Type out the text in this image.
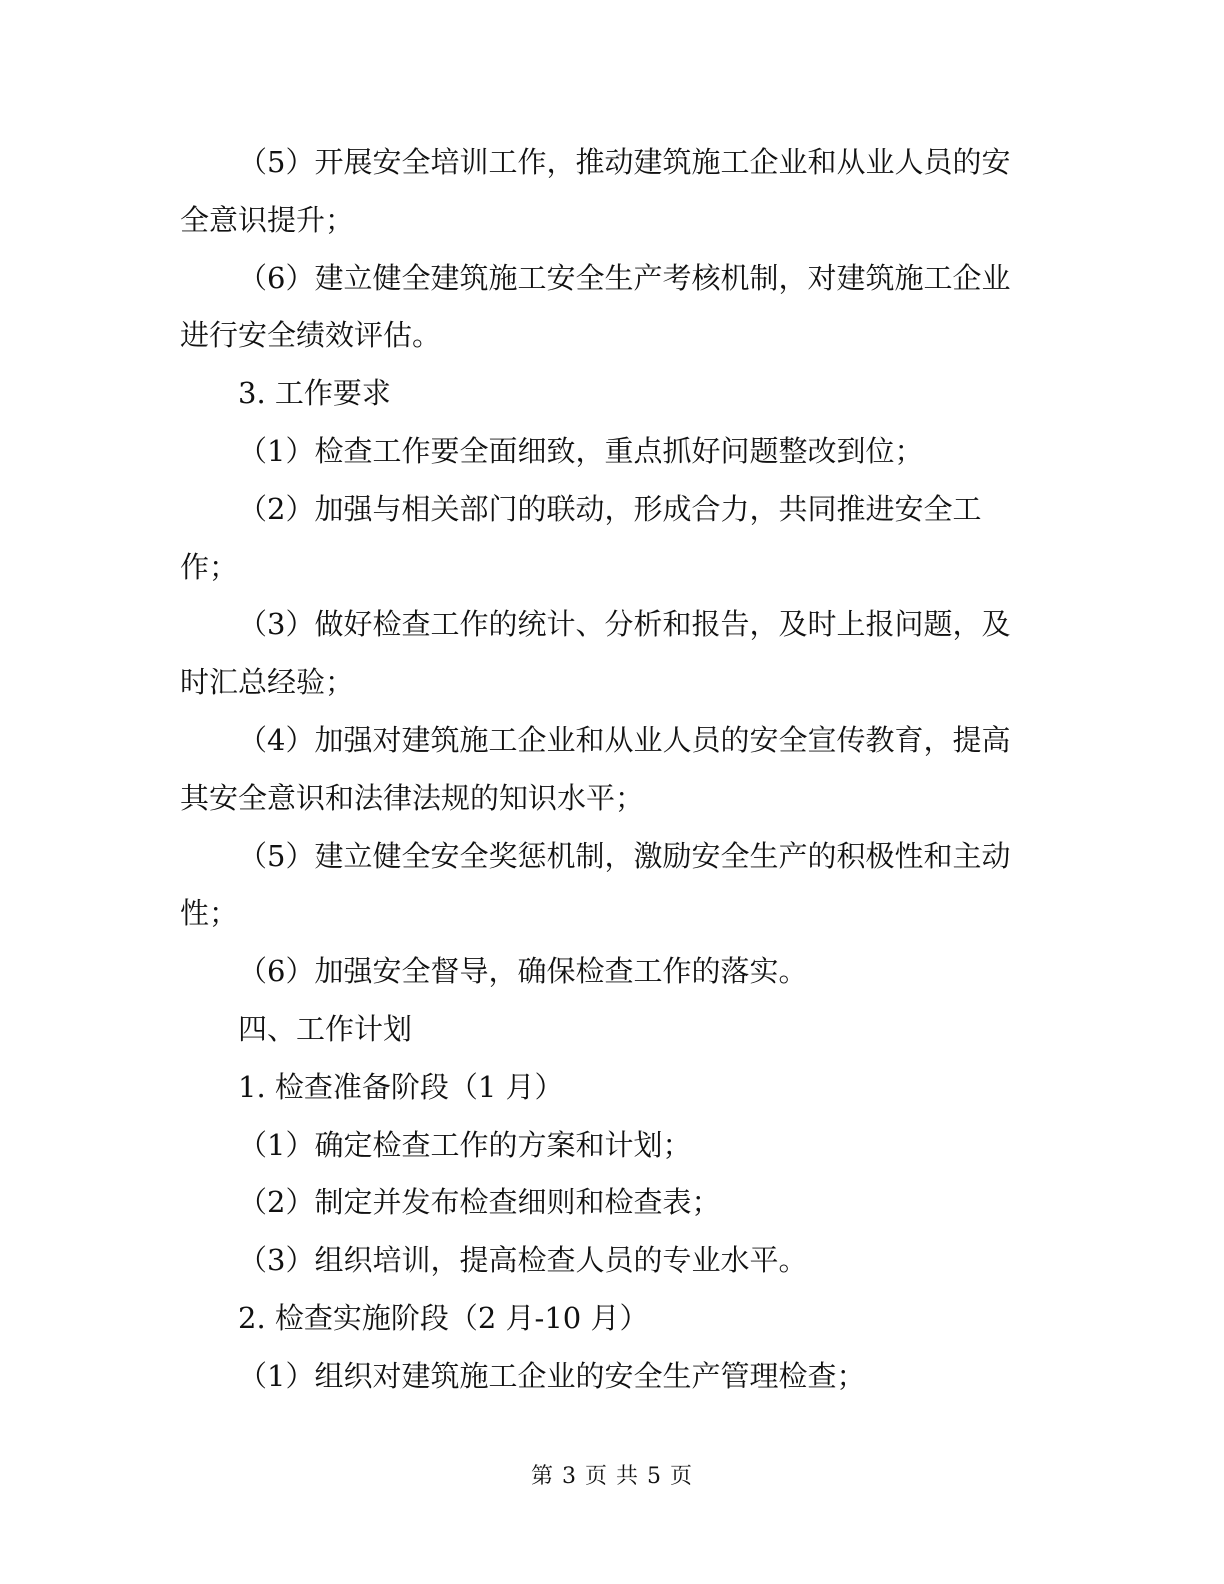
（5）开展安全培训工作，推动建筑施工企业和从业人员的安
全意识提升；
（6）建立健全建筑施工安全生产考核机制，对建筑施工企业
进行安全绩效评估。
3. 工作要求
（1）检查工作要全面细致，重点抓好问题整改到位；
（2）加强与相关部门的联动，形成合力，共同推进安全工
作；
（3）做好检查工作的统计、分析和报告，及时上报问题，及
时汇总经验；
（4）加强对建筑施工企业和从业人员的安全宣传教育，提高
其安全意识和法律法规的知识水平；
（5）建立健全安全奖惩机制，激励安全生产的积极性和主动
性；
（6）加强安全督导，确保检查工作的落实。
四、工作计划
1. 检查准备阶段（1 月）
（1）确定检查工作的方案和计划；
（2）制定并发布检查细则和检查表；
（3）组织培训，提高检查人员的专业水平。
2. 检查实施阶段（2 月-10 月）
（1）组织对建筑施工企业的安全生产管理检查；
第 3 页 共 5 页
